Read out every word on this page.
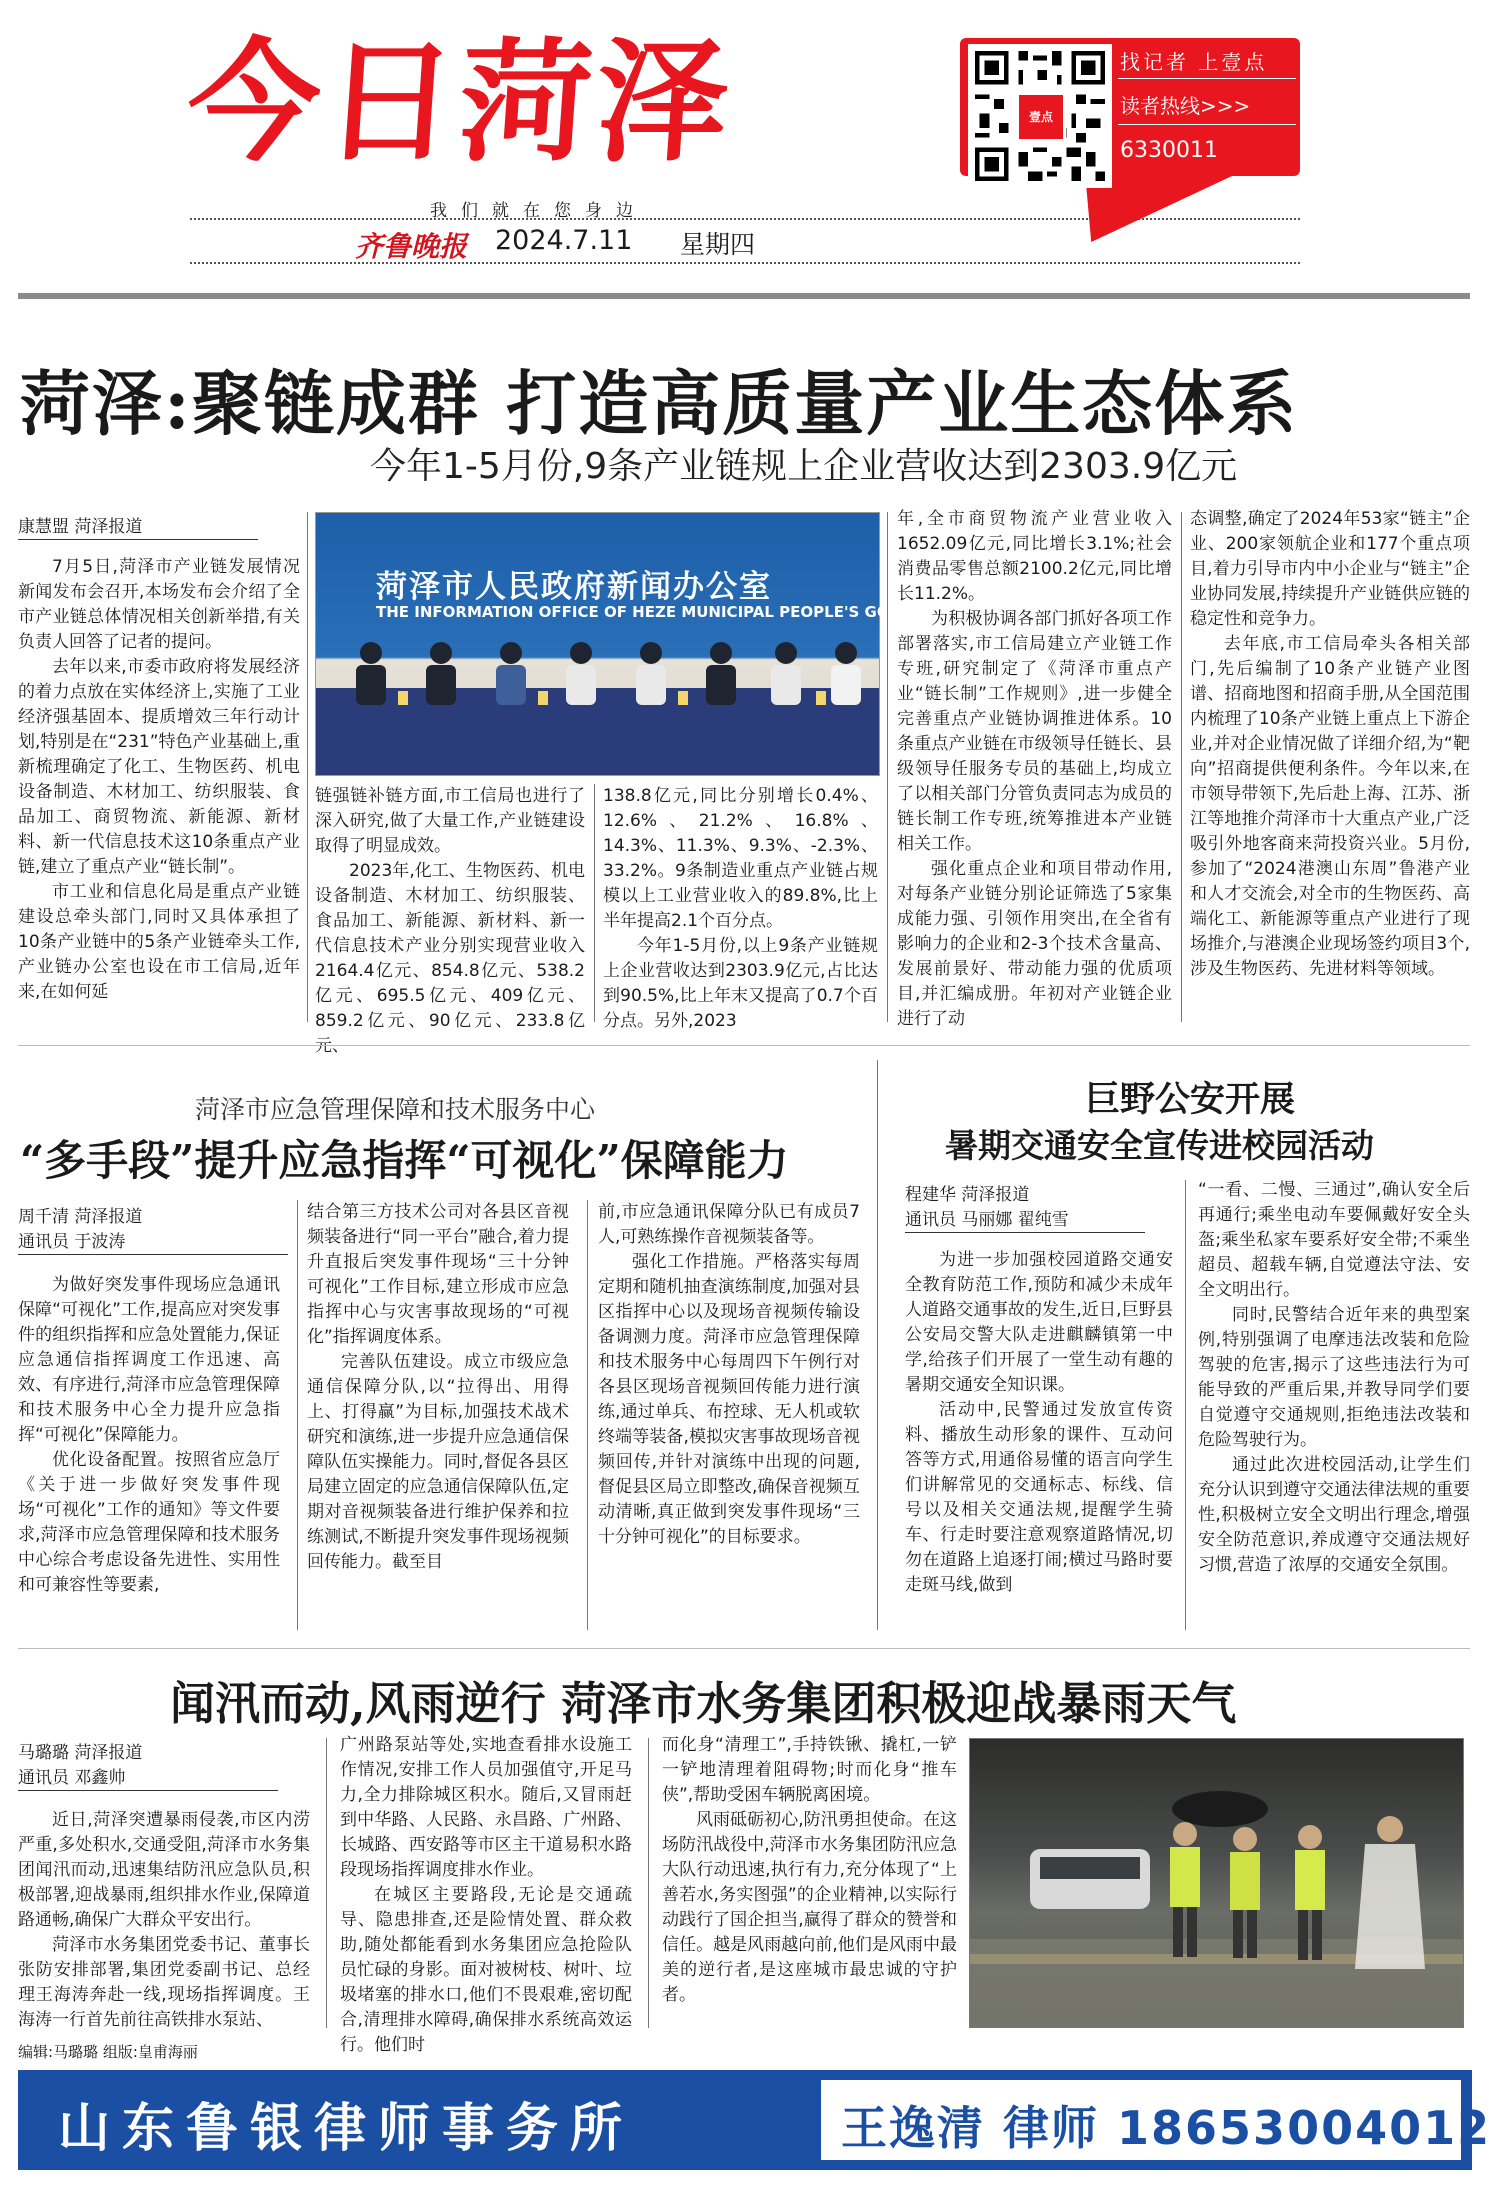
今日菏泽
我们就在您身边
齐鲁晚报 2024.7.11 星期四
壹点
找记者 上壹点
读者热线>>>
6330011
菏泽:聚链成群 打造高质量产业生态体系
今年1-5月份,9条产业链规上企业营收达到2303.9亿元
康慧盟 菏泽报道

7月5日,菏泽市产业链发展情况新闻发布会召开,本场发布会介绍了全市产业链总体情况相关创新举措,有关负责人回答了记者的提问。

去年以来,市委市政府将发展经济的着力点放在实体经济上,实施了工业经济强基固本、提质增效三年行动计划,特别是在“231”特色产业基础上,重新梳理确定了化工、生物医药、机电设备制造、木材加工、纺织服装、食品加工、商贸物流、新能源、新材料、新一代信息技术这10条重点产业链,建立了重点产业“链长制”。

市工业和信息化局是重点产业链建设总牵头部门,同时又具体承担了10条产业链中的5条产业链牵头工作,产业链办公室也设在市工信局,近年来,在如何延

菏泽市人民政府新闻办公室
THE INFORMATION OFFICE OF HEZE MUNICIPAL PEOPLE'S GOVERNMENT

链强链补链方面,市工信局也进行了深入研究,做了大量工作,产业链建设取得了明显成效。

2023年,化工、生物医药、机电设备制造、木材加工、纺织服装、食品加工、新能源、新材料、新一代信息技术产业分别实现营业收入2164.4亿元、854.8亿元、538.2亿元、695.5亿元、409亿元、859.2亿元、90亿元、233.8亿元、

138.8亿元,同比分别增长0.4%、12.6%、21.2%、16.8%、14.3%、11.3%、9.3%、-2.3%、33.2%。9条制造业重点产业链占规模以上工业营业收入的89.8%,比上半年提高2.1个百分点。

今年1-5月份,以上9条产业链规上企业营收达到2303.9亿元,占比达到90.5%,比上年末又提高了0.7个百分点。另外,2023

年,全市商贸物流产业营业收入1652.09亿元,同比增长3.1%;社会消费品零售总额2100.2亿元,同比增长11.2%。

为积极协调各部门抓好各项工作部署落实,市工信局建立产业链工作专班,研究制定了《菏泽市重点产业“链长制”工作规则》,进一步健全完善重点产业链协调推进体系。10条重点产业链在市级领导任链长、县级领导任服务专员的基础上,均成立了以相关部门分管负责同志为成员的链长制工作专班,统筹推进本产业链相关工作。

强化重点企业和项目带动作用,对每条产业链分别论证筛选了5家集成能力强、引领作用突出,在全省有影响力的企业和2-3个技术含量高、发展前景好、带动能力强的优质项目,并汇编成册。年初对产业链企业进行了动

态调整,确定了2024年53家“链主”企业、200家领航企业和177个重点项目,着力引导市内中小企业与“链主”企业协同发展,持续提升产业链供应链的稳定性和竞争力。

去年底,市工信局牵头各相关部门,先后编制了10条产业链产业图谱、招商地图和招商手册,从全国范围内梳理了10条产业链上重点上下游企业,并对企业情况做了详细介绍,为“靶向”招商提供便利条件。今年以来,在市领导带领下,先后赴上海、江苏、浙江等地推介菏泽市十大重点产业,广泛吸引外地客商来菏投资兴业。5月份,参加了“2024港澳山东周”鲁港产业和人才交流会,对全市的生物医药、高端化工、新能源等重点产业进行了现场推介,与港澳企业现场签约项目3个,涉及生物医药、先进材料等领域。

菏泽市应急管理保障和技术服务中心
“多手段”提升应急指挥“可视化”保障能力
周千清 菏泽报道
通讯员 于波涛

为做好突发事件现场应急通讯保障“可视化”工作,提高应对突发事件的组织指挥和应急处置能力,保证应急通信指挥调度工作迅速、高效、有序进行,菏泽市应急管理保障和技术服务中心全力提升应急指挥“可视化”保障能力。

优化设备配置。按照省应急厅《关于进一步做好突发事件现场“可视化”工作的通知》等文件要求,菏泽市应急管理保障和技术服务中心综合考虑设备先进性、实用性和可兼容性等要素,

结合第三方技术公司对各县区音视频装备进行“同一平台”融合,着力提升直报后突发事件现场“三十分钟可视化”工作目标,建立形成市应急指挥中心与灾害事故现场的“可视化”指挥调度体系。

完善队伍建设。成立市级应急通信保障分队,以“拉得出、用得上、打得赢”为目标,加强技术战术研究和演练,进一步提升应急通信保障队伍实操能力。同时,督促各县区局建立固定的应急通信保障队伍,定期对音视频装备进行维护保养和拉练测试,不断提升突发事件现场视频回传能力。截至目

前,市应急通讯保障分队已有成员7人,可熟练操作音视频装备等。

强化工作措施。严格落实每周定期和随机抽查演练制度,加强对县区指挥中心以及现场音视频传输设备调测力度。菏泽市应急管理保障和技术服务中心每周四下午例行对各县区现场音视频回传能力进行演练,通过单兵、布控球、无人机或软终端等装备,模拟灾害事故现场音视频回传,并针对演练中出现的问题,督促县区局立即整改,确保音视频互动清晰,真正做到突发事件现场“三十分钟可视化”的目标要求。

巨野公安开展
暑期交通安全宣传进校园活动
程建华 菏泽报道
通讯员 马丽娜 翟纯雪

为进一步加强校园道路交通安全教育防范工作,预防和减少未成年人道路交通事故的发生,近日,巨野县公安局交警大队走进麒麟镇第一中学,给孩子们开展了一堂生动有趣的暑期交通安全知识课。

活动中,民警通过发放宣传资料、播放生动形象的课件、互动问答等方式,用通俗易懂的语言向学生们讲解常见的交通标志、标线、信号以及相关交通法规,提醒学生骑车、行走时要注意观察道路情况,切勿在道路上追逐打闹;横过马路时要走斑马线,做到

“一看、二慢、三通过”,确认安全后再通行;乘坐电动车要佩戴好安全头盔;乘坐私家车要系好安全带;不乘坐超员、超载车辆,自觉遵法守法、安全文明出行。

同时,民警结合近年来的典型案例,特别强调了电摩违法改装和危险驾驶的危害,揭示了这些违法行为可能导致的严重后果,并教导同学们要自觉遵守交通规则,拒绝违法改装和危险驾驶行为。

通过此次进校园活动,让学生们充分认识到遵守交通法律法规的重要性,积极树立安全文明出行理念,增强安全防范意识,养成遵守交通法规好习惯,营造了浓厚的交通安全氛围。

闻汛而动,风雨逆行 菏泽市水务集团积极迎战暴雨天气
马璐璐 菏泽报道
通讯员 邓鑫帅

近日,菏泽突遭暴雨侵袭,市区内涝严重,多处积水,交通受阻,菏泽市水务集团闻汛而动,迅速集结防汛应急队员,积极部署,迎战暴雨,组织排水作业,保障道路通畅,确保广大群众平安出行。

菏泽市水务集团党委书记、董事长张防安排部署,集团党委副书记、总经理王海涛奔赴一线,现场指挥调度。王海涛一行首先前往高铁排水泵站、

广州路泵站等处,实地查看排水设施工作情况,安排工作人员加强值守,开足马力,全力排除城区积水。随后,又冒雨赶到中华路、人民路、永昌路、广州路、长城路、西安路等市区主干道易积水路段现场指挥调度排水作业。

在城区主要路段,无论是交通疏导、隐患排查,还是险情处置、群众救助,随处都能看到水务集团应急抢险队员忙碌的身影。面对被树枝、树叶、垃圾堵塞的排水口,他们不畏艰难,密切配合,清理排水障碍,确保排水系统高效运行。他们时

而化身“清理工”,手持铁锹、撬杠,一铲一铲地清理着阻碍物;时而化身“推车侠”,帮助受困车辆脱离困境。

风雨砥砺初心,防汛勇担使命。在这场防汛战役中,菏泽市水务集团防汛应急大队行动迅速,执行有力,充分体现了“上善若水,务实图强”的企业精神,以实际行动践行了国企担当,赢得了群众的赞誉和信任。越是风雨越向前,他们是风雨中最美的逆行者,是这座城市最忠诚的守护者。

编辑:马璐璐 组版:皇甫海丽
山东鲁银律师事务所	王逸清 律师 18653004012
